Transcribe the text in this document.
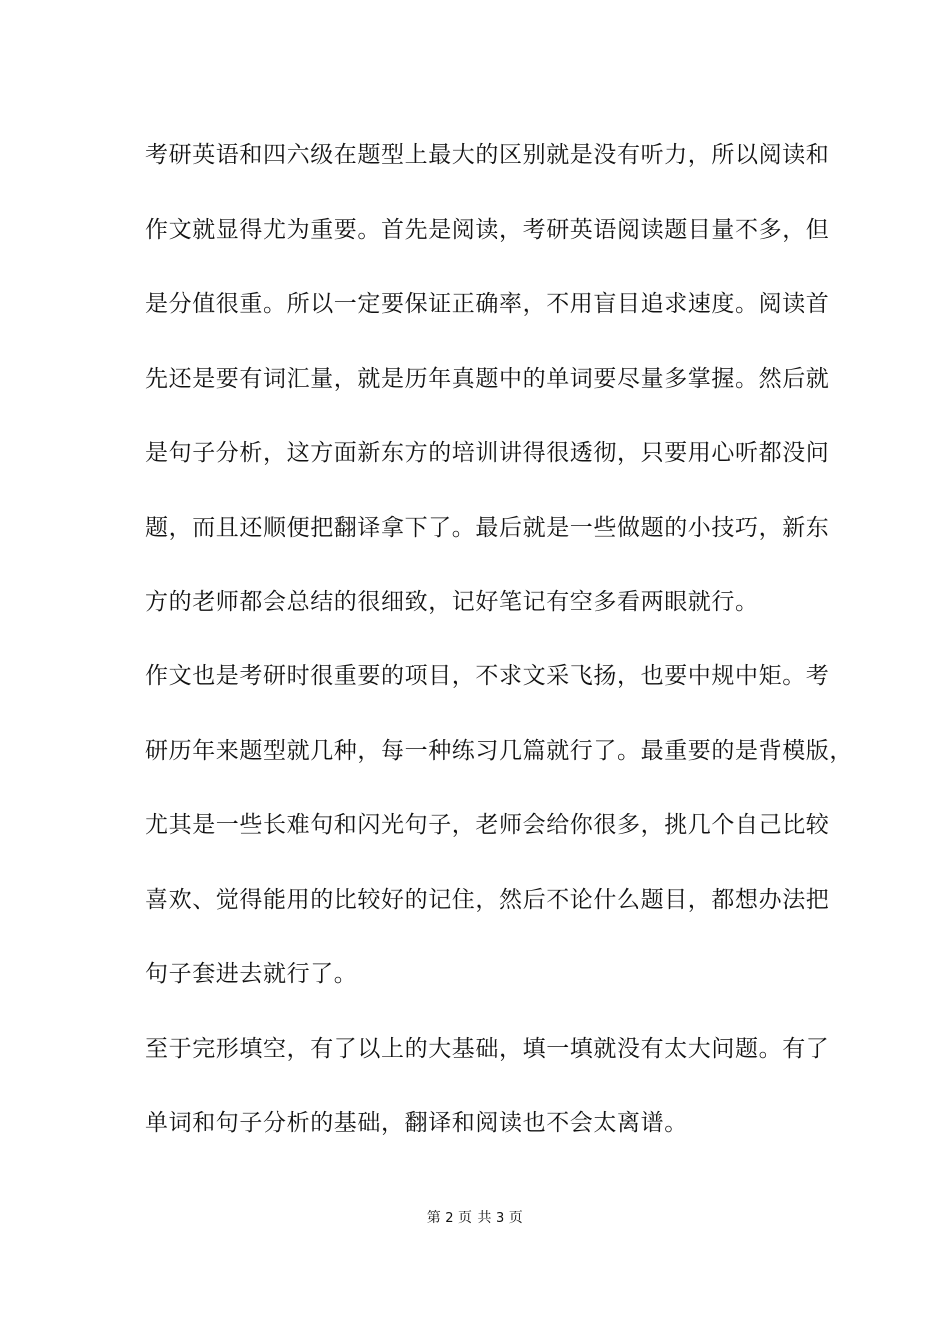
考研英语和四六级在题型上最大的区别就是没有听力，所以阅读和
作文就显得尤为重要。首先是阅读，考研英语阅读题目量不多，但
是分值很重。所以一定要保证正确率，不用盲目追求速度。阅读首
先还是要有词汇量，就是历年真题中的单词要尽量多掌握。然后就
是句子分析，这方面新东方的培训讲得很透彻，只要用心听都没问
题，而且还顺便把翻译拿下了。最后就是一些做题的小技巧，新东
方的老师都会总结的很细致，记好笔记有空多看两眼就行。
作文也是考研时很重要的项目，不求文采飞扬，也要中规中矩。考
研历年来题型就几种，每一种练习几篇就行了。最重要的是背模版，
尤其是一些长难句和闪光句子，老师会给你很多，挑几个自己比较
喜欢、觉得能用的比较好的记住，然后不论什么题目，都想办法把
句子套进去就行了。
至于完形填空，有了以上的大基础，填一填就没有太大问题。有了
单词和句子分析的基础，翻译和阅读也不会太离谱。
第 2 页 共 3 页
